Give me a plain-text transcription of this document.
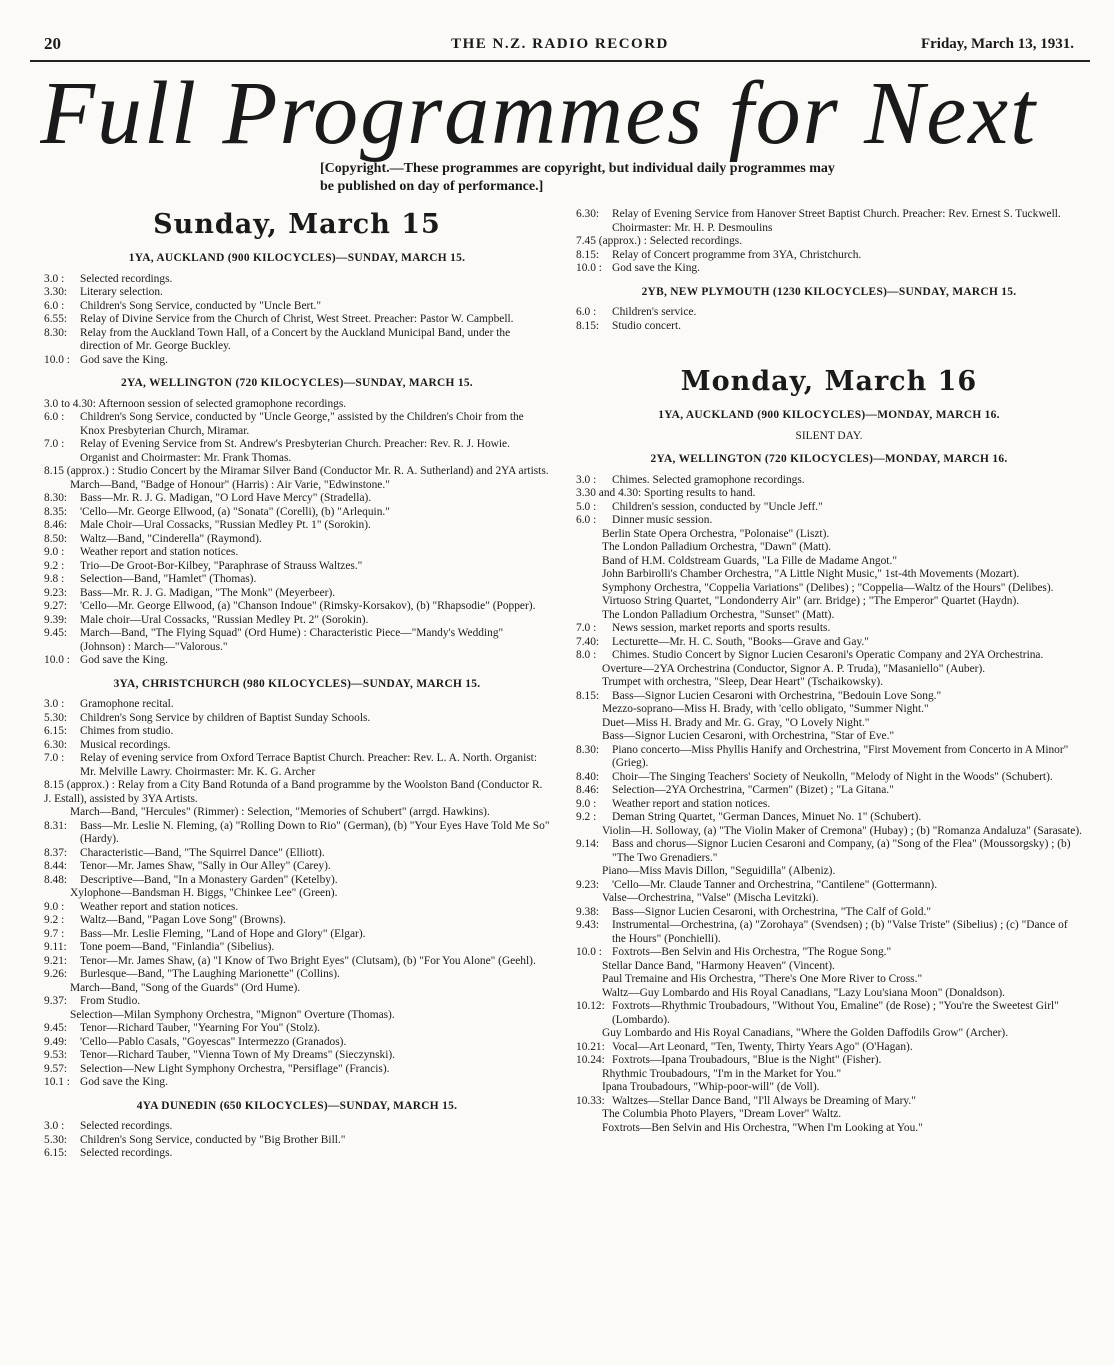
20	THE N.Z. RADIO RECORD	Friday, March 13, 1931.
Full Programmes for Next
[Copyright.—These programmes are copyright, but individual daily programmes may be published on day of performance.]
Sunday, March 15
1YA, AUCKLAND (900 KILOCYCLES)—SUNDAY, MARCH 15.
3.0 :	Selected recordings.
3.30:	Literary selection.
6.0 :	Children's Song Service, conducted by "Uncle Bert."
6.55:	Relay of Divine Service from the Church of Christ, West Street. Preacher: Pastor W. Campbell.
8.30:	Relay from the Auckland Town Hall, of a Concert by the Auckland Municipal Band, under the direction of Mr. George Buckley.
10.0 : God save the King.
2YA, WELLINGTON (720 KILOCYCLES)—SUNDAY, MARCH 15.
3.0 to 4.30: Afternoon session of selected gramophone recordings.
6.0 :	Children's Song Service, conducted by "Uncle George," assisted by the Children's Choir from the Knox Presbyterian Church, Miramar.
7.0 :	Relay of Evening Service from St. Andrew's Presbyterian Church. Preacher: Rev. R. J. Howie. Organist and Choirmaster: Mr. Frank Thomas.
8.15 (approx.) : Studio Concert by the Miramar Silver Band (Conductor Mr. R. A. Sutherland) and 2YA artists.
March—Band, "Badge of Honour" (Harris) : Air Varie, "Edwinstone."
8.30:	Bass—Mr. R. J. G. Madigan, "O Lord Have Mercy" (Stradella).
8.35:	'Cello—Mr. George Ellwood, (a) "Sonata" (Corelli), (b) "Arlequin."
8.46:	Male Choir—Ural Cossacks, "Russian Medley Pt. 1" (Sorokin).
8.50:	Waltz—Band, "Cinderella" (Raymond).
9.0 :	Weather report and station notices.
9.2 :	Trio—De Groot-Bor-Kilbey, "Paraphrase of Strauss Waltzes."
9.8 :	Selection—Band, "Hamlet" (Thomas).
9.23:	Bass—Mr. R. J. G. Madigan, "The Monk" (Meyerbeer).
9.27:	'Cello—Mr. George Ellwood, (a) "Chanson Indoue" (Rimsky-Korsakov), (b) "Rhapsodie" (Popper).
9.39:	Male choir—Ural Cossacks, "Russian Medley Pt. 2" (Sorokin).
9.45:	March—Band, "The Flying Squad" (Ord Hume) : Characteristic Piece—"Mandy's Wedding" (Johnson) : March—"Valorous."
10.0 : God save the King.
3YA, CHRISTCHURCH (980 KILOCYCLES)—SUNDAY, MARCH 15.
3.0 :	Gramophone recital.
5.30:	Children's Song Service by children of Baptist Sunday Schools.
6.15:	Chimes from studio.
6.30:	Musical recordings.
7.0 :	Relay of evening service from Oxford Terrace Baptist Church. Preacher: Rev. L. A. North. Organist: Mr. Melville Lawry. Choirmaster: Mr. K. G. Archer
8.15 (approx.) : Relay from a City Band Rotunda of a Band programme by the Woolston Band (Conductor R. J. Estall), assisted by 3YA Artists.
March—Band, "Hercules" (Rimmer) : Selection, "Memories of Schubert" (arrgd. Hawkins).
8.31:	Bass—Mr. Leslie N. Fleming, (a) "Rolling Down to Rio" (German), (b) "Your Eyes Have Told Me So" (Hardy).
8.37:	Characteristic—Band, "The Squirrel Dance" (Elliott).
8.44:	Tenor—Mr. James Shaw, "Sally in Our Alley" (Carey).
8.48:	Descriptive—Band, "In a Monastery Garden" (Ketelby).
Xylophone—Bandsman H. Biggs, "Chinkee Lee" (Green).
9.0 :	Weather report and station notices.
9.2 :	Waltz—Band, "Pagan Love Song" (Browns).
9.7 :	Bass—Mr. Leslie Fleming, "Land of Hope and Glory" (Elgar).
9.11:	Tone poem—Band, "Finlandia" (Sibelius).
9.21:	Tenor—Mr. James Shaw, (a) "I Know of Two Bright Eyes" (Clutsam), (b) "For You Alone" (Geehl).
9.26:	Burlesque—Band, "The Laughing Marionette" (Collins).
March—Band, "Song of the Guards" (Ord Hume).
9.37:	From Studio.
Selection—Milan Symphony Orchestra, "Mignon" Overture (Thomas).
9.45:	Tenor—Richard Tauber, "Yearning For You" (Stolz).
9.49:	'Cello—Pablo Casals, "Goyescas" Intermezzo (Granados).
9.53:	Tenor—Richard Tauber, "Vienna Town of My Dreams" (Sieczynski).
9.57:	Selection—New Light Symphony Orchestra, "Persiflage" (Francis).
10.1 : God save the King.
4YA DUNEDIN (650 KILOCYCLES)—SUNDAY, MARCH 15.
3.0 :	Selected recordings.
5.30:	Children's Song Service, conducted by "Big Brother Bill."
6.15:	Selected recordings.
6.30:	Relay of Evening Service from Hanover Street Baptist Church. Preacher: Rev. Ernest S. Tuckwell. Choirmaster: Mr. H. P. Desmoulins
7.45 (approx.) : Selected recordings.
8.15:	Relay of Concert programme from 3YA, Christchurch.
10.0 : God save the King.
2YB, NEW PLYMOUTH (1230 KILOCYCLES)—SUNDAY, MARCH 15.
6.0 :	Children's service.
8.15:	Studio concert.
Monday, March 16
1YA, AUCKLAND (900 KILOCYCLES)—MONDAY, MARCH 16.
SILENT DAY.
2YA, WELLINGTON (720 KILOCYCLES)—MONDAY, MARCH 16.
3.0 :	Chimes. Selected gramophone recordings.
3.30 and 4.30: Sporting results to hand.
5.0 :	Children's session, conducted by "Uncle Jeff."
6.0 :	Dinner music session.
Berlin State Opera Orchestra, "Polonaise" (Liszt).
The London Palladium Orchestra, "Dawn" (Matt).
Band of H.M. Coldstream Guards, "La Fille de Madame Angot."
John Barbirolli's Chamber Orchestra, "A Little Night Music," 1st-4th Movements (Mozart).
Symphony Orchestra, "Coppelia Variations" (Delibes) ; "Coppelia—Waltz of the Hours" (Delibes).
Virtuoso String Quartet, "Londonderry Air" (arr. Bridge) ; "The Emperor" Quartet (Haydn).
The London Palladium Orchestra, "Sunset" (Matt).
7.0 :	News session, market reports and sports results.
7.40:	Lecturette—Mr. H. C. South, "Books—Grave and Gay."
8.0 :	Chimes. Studio Concert by Signor Lucien Cesaroni's Operatic Company and 2YA Orchestrina.
Overture—2YA Orchestrina (Conductor, Signor A. P. Truda), "Masaniello" (Auber).
Trumpet with orchestra, "Sleep, Dear Heart" (Tschaikowsky).
8.15:	Bass—Signor Lucien Cesaroni with Orchestrina, "Bedouin Love Song."
Mezzo-soprano—Miss H. Brady, with 'cello obligato, "Summer Night."
Duet—Miss H. Brady and Mr. G. Gray, "O Lovely Night."
Bass—Signor Lucien Cesaroni, with Orchestrina, "Star of Eve."
8.30:	Piano concerto—Miss Phyllis Hanify and Orchestrina, "First Movement from Concerto in A Minor" (Grieg).
8.40:	Choir—The Singing Teachers' Society of Neukolln, "Melody of Night in the Woods" (Schubert).
8.46:	Selection—2YA Orchestrina, "Carmen" (Bizet) ; "La Gitana."
9.0 :	Weather report and station notices.
9.2 :	Deman String Quartet, "German Dances, Minuet No. 1" (Schubert).
Violin—H. Solloway, (a) "The Violin Maker of Cremona" (Hubay) ; (b) "Romanza Andaluza" (Sarasate).
9.14:	Bass and chorus—Signor Lucien Cesaroni and Company, (a) "Song of the Flea" (Moussorgsky) ; (b) "The Two Grenadiers."
Piano—Miss Mavis Dillon, "Seguidilla" (Albeniz).
9.23:	'Cello—Mr. Claude Tanner and Orchestrina, "Cantilene" (Gottermann).
Valse—Orchestrina, "Valse" (Mischa Levitzki).
9.38:	Bass—Signor Lucien Cesaroni, with Orchestrina, "The Calf of Gold."
9.43:	Instrumental—Orchestrina, (a) "Zorohaya" (Svendsen) ; (b) "Valse Triste" (Sibelius) ; (c) "Dance of the Hours" (Ponchielli).
10.0 : Foxtrots—Ben Selvin and His Orchestra, "The Rogue Song."
Stellar Dance Band, "Harmony Heaven" (Vincent).
Paul Tremaine and His Orchestra, "There's One More River to Cross."
Waltz—Guy Lombardo and His Royal Canadians, "Lazy Lou'siana Moon" (Donaldson).
10.12: Foxtrots—Rhythmic Troubadours, "Without You, Emaline" (de Rose) ; "You're the Sweetest Girl" (Lombardo).
Guy Lombardo and His Royal Canadians, "Where the Golden Daffodils Grow" (Archer).
10.21: Vocal—Art Leonard, "Ten, Twenty, Thirty Years Ago" (O'Hagan).
10.24: Foxtrots—Ipana Troubadours, "Blue is the Night" (Fisher).
Rhythmic Troubadours, "I'm in the Market for You."
Ipana Troubadours, "Whip-poor-will" (de Voll).
10.33: Waltzes—Stellar Dance Band, "I'll Always be Dreaming of Mary."
The Columbia Photo Players, "Dream Lover" Waltz.
Foxtrots—Ben Selvin and His Orchestra, "When I'm Looking at You."
